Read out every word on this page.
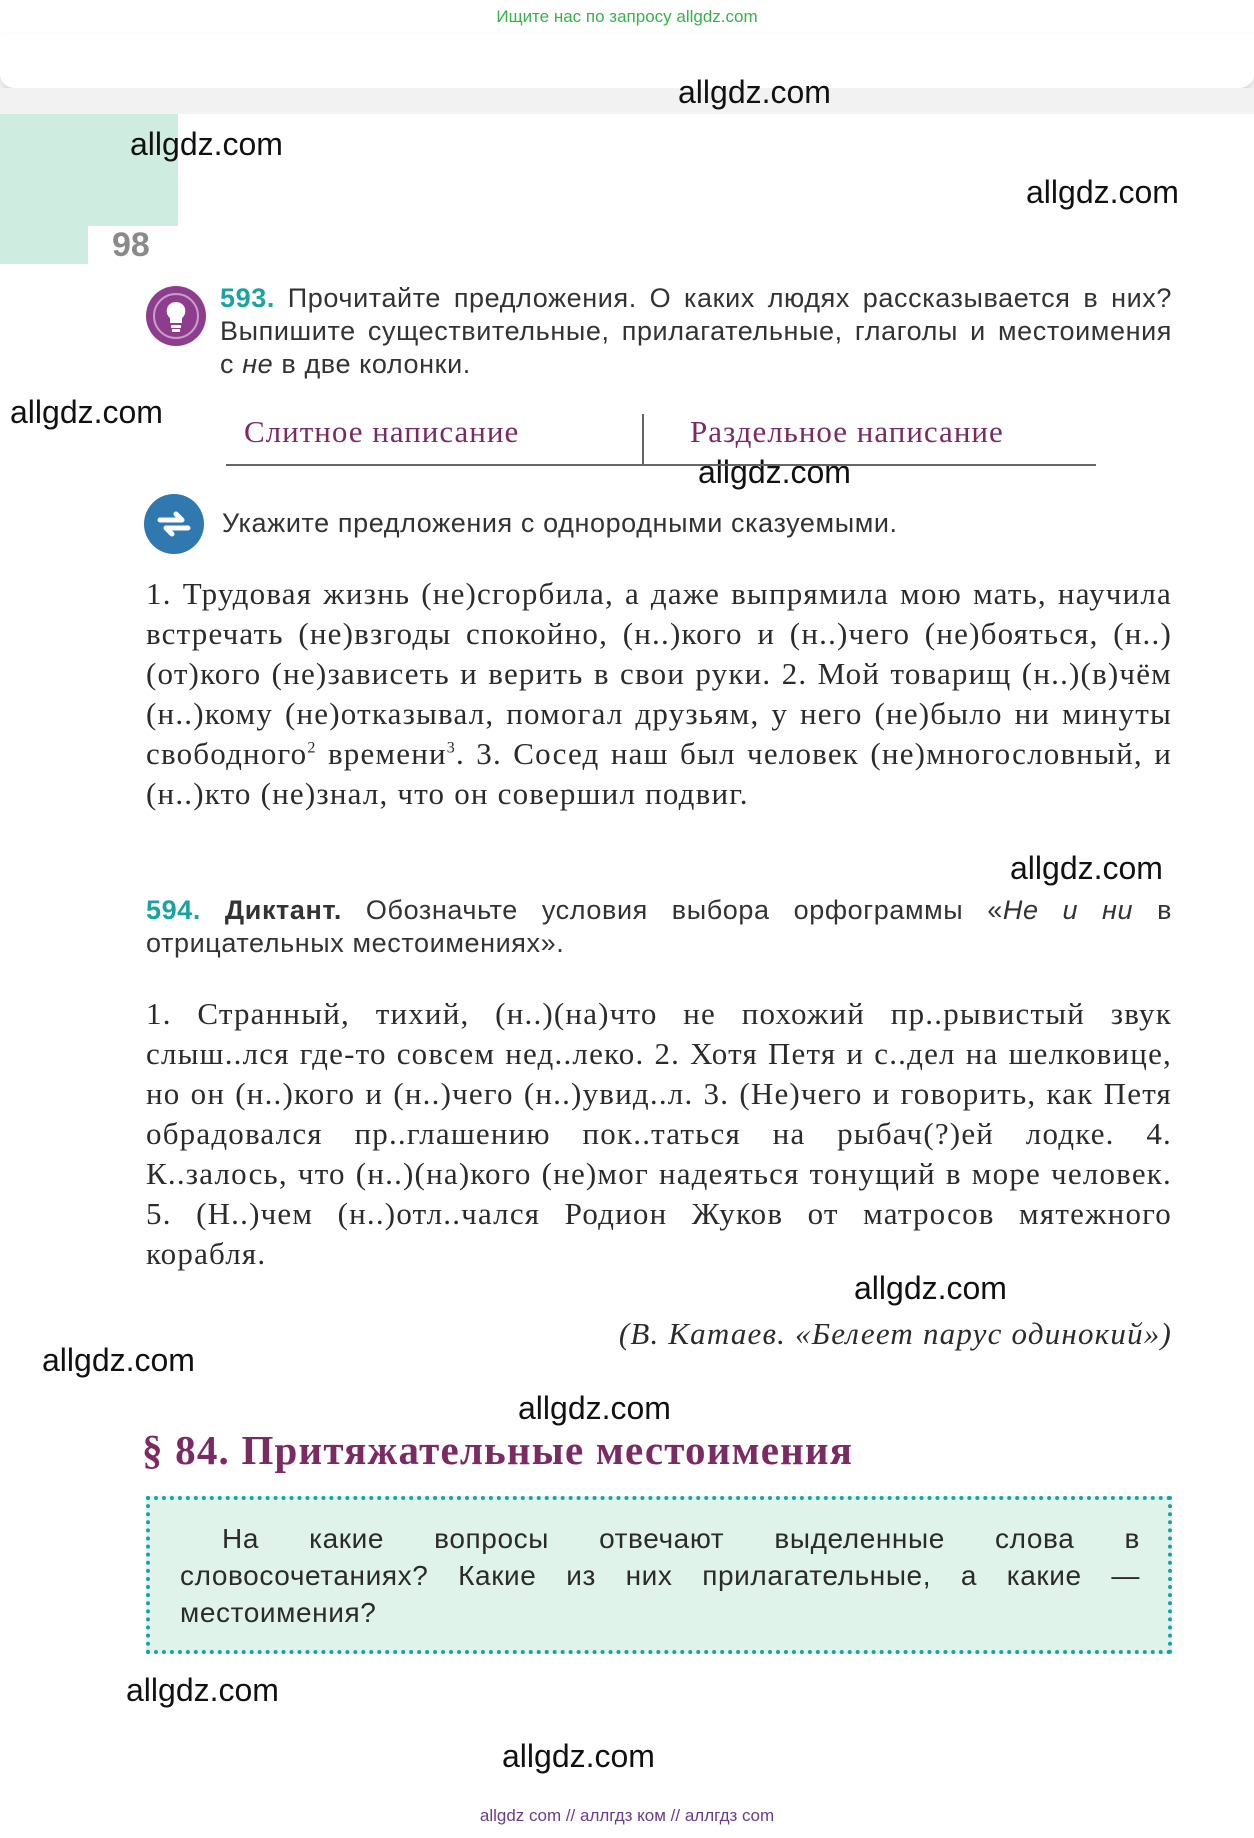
Ищите нас по запросу allgdz.com
98
allgdz.com
allgdz.com
allgdz.com
allgdz.com
allgdz.com
allgdz.com
allgdz.com
allgdz.com
allgdz.com
allgdz.com
allgdz.com
593. Прочитайте предложения. О каких людях рассказывается в них? Выпишите существительные, прилагательные, глаголы и местоимения с не в две колонки.
Слитное написание	Раздельное написание
Укажите предложения с однородными сказуемыми.
1. Трудовая жизнь (не)сгорбила, а даже выпрямила мою мать, научила встречать (не)взгоды спокойно, (н..)кого и (н..)чего (не)бояться, (н..)(от)кого (не)зависеть и верить в свои руки. 2. Мой товарищ (н..)(в)чём (н..)кому (не)отказывал, помогал друзьям, у него (не)было ни минуты свободного$^2$ времени$^3$. 3. Сосед наш был человек (не)многословный, и (н..)кто (не)знал, что он совершил подвиг.
594. Диктант. Обозначьте условия выбора орфограммы «Не и ни в отрицательных местоимениях».
1. Странный, тихий, (н..)(на)что не похожий пр..рывистый звук слыш..лся где-то совсем нед..леко. 2. Хотя Петя и с..дел на шелковице, но он (н..)кого и (н..)чего (н..)увид..л. 3. (Не)чего и говорить, как Петя обрадовался пр..глашению пок..таться на рыбач(?)ей лодке. 4. К..залось, что (н..)(на)кого (не)мог надеяться тонущий в море человек. 5. (Н..)чем (н..)отл..чался Родион Жуков от матросов мятежного корабля.
(В. Катаев. «Белеет парус одинокий»)
§ 84. Притяжательные местоимения
На какие вопросы отвечают выделенные слова в словосочетаниях? Какие из них прилагательные, а какие — местоимения?
allgdz com // аллгдз ком // аллгдз com
